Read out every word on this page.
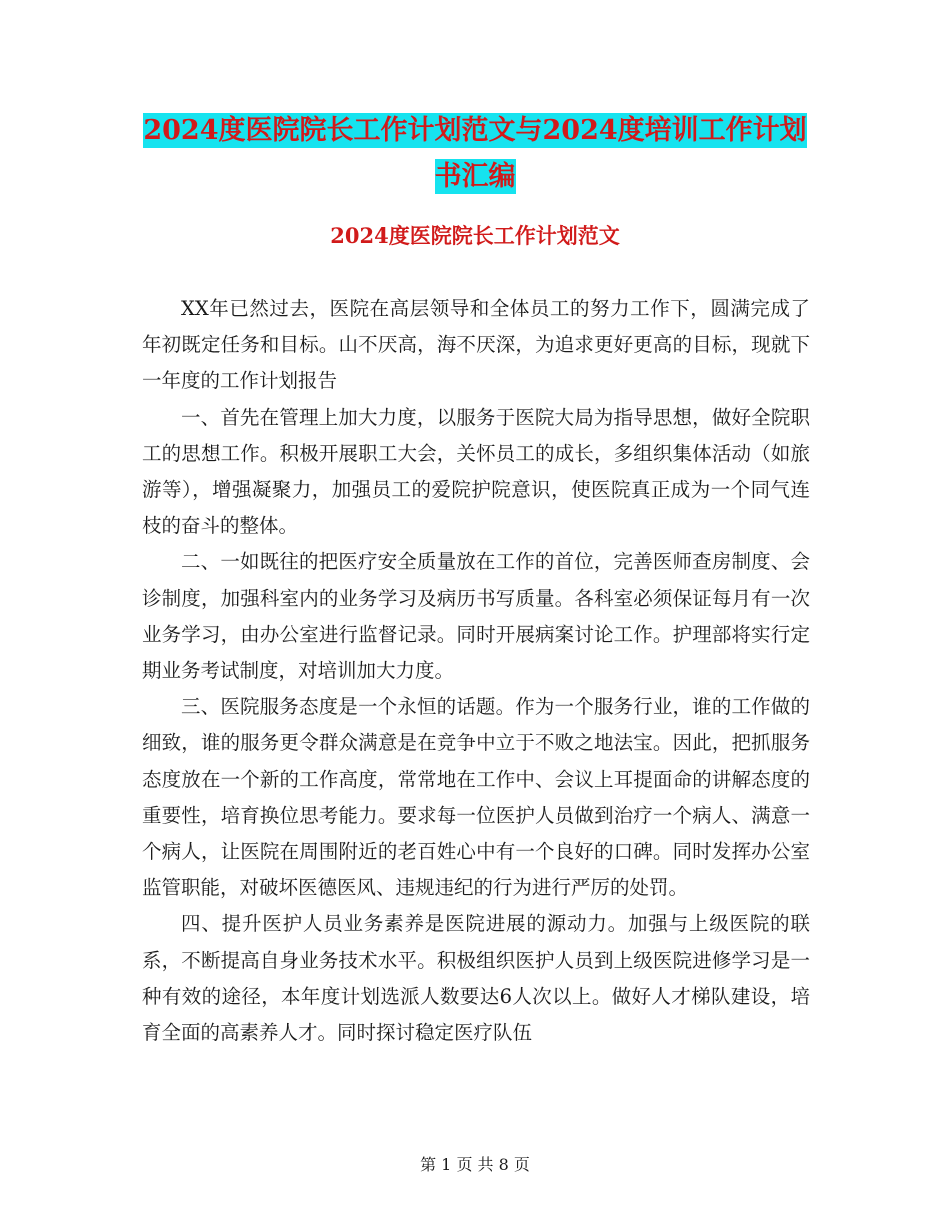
2024度医院院长工作计划范文与2024度培训工作计划
书汇编
2024度医院院长工作计划范文

XX年已然过去，医院在高层领导和全体员工的努力工作下，圆满完成了年初既定任务和目标。山不厌高，海不厌深，为追求更好更高的目标，现就下一年度的工作计划报告

一、首先在管理上加大力度，以服务于医院大局为指导思想，做好全院职工的思想工作。积极开展职工大会，关怀员工的成长，多组织集体活动（如旅游等），增强凝聚力，加强员工的爱院护院意识，使医院真正成为一个同气连枝的奋斗的整体。

二、一如既往的把医疗安全质量放在工作的首位，完善医师查房制度、会诊制度，加强科室内的业务学习及病历书写质量。各科室必须保证每月有一次业务学习，由办公室进行监督记录。同时开展病案讨论工作。护理部将实行定期业务考试制度，对培训加大力度。

三、医院服务态度是一个永恒的话题。作为一个服务行业，谁的工作做的细致，谁的服务更令群众满意是在竞争中立于不败之地法宝。因此，把抓服务态度放在一个新的工作高度，常常地在工作中、会议上耳提面命的讲解态度的重要性，培育换位思考能力。要求每一位医护人员做到治疗一个病人、满意一个病人，让医院在周围附近的老百姓心中有一个良好的口碑。同时发挥办公室监管职能，对破坏医德医风、违规违纪的行为进行严厉的处罚。

四、提升医护人员业务素养是医院进展的源动力。加强与上级医院的联系，不断提高自身业务技术水平。积极组织医护人员到上级医院进修学习是一种有效的途径，本年度计划选派人数要达6人次以上。做好人才梯队建设，培育全面的高素养人才。同时探讨稳定医疗队伍

第 1 页 共 8 页
